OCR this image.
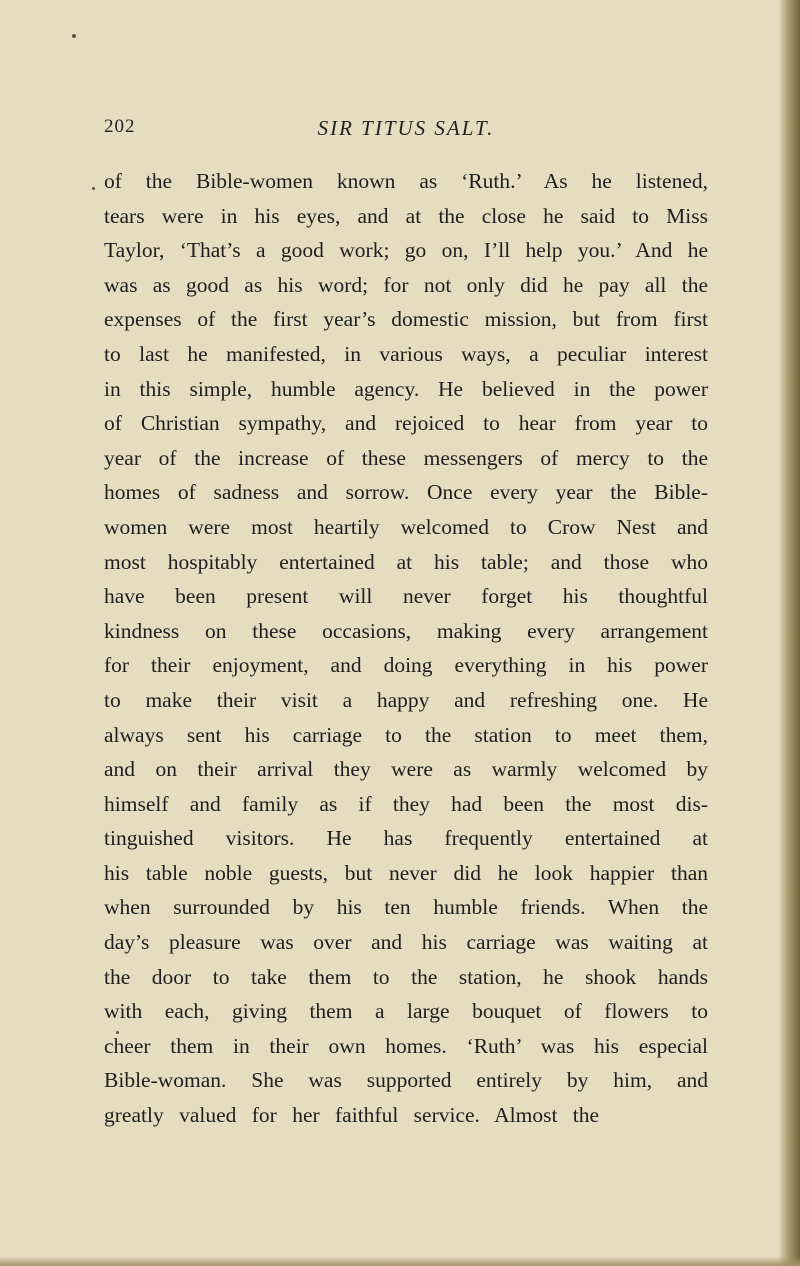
202	SIR TITUS SALT.
of the Bible-women known as ‘Ruth.’ As he listened,
tears were in his eyes, and at the close he said to Miss
Taylor, ‘That’s a good work; go on, I’ll help you.’ And he
was as good as his word; for not only did he pay all the
expenses of the first year’s domestic mission, but from first
to last he manifested, in various ways, a peculiar interest
in this simple, humble agency. He believed in the power
of Christian sympathy, and rejoiced to hear from year to
year of the increase of these messengers of mercy to the
homes of sadness and sorrow. Once every year the Bible-
women were most heartily welcomed to Crow Nest and
most hospitably entertained at his table; and those who
have been present will never forget his thoughtful
kindness on these occasions, making every arrangement
for their enjoyment, and doing everything in his power
to make their visit a happy and refreshing one. He
always sent his carriage to the station to meet them,
and on their arrival they were as warmly welcomed by
himself and family as if they had been the most dis-
tinguished visitors. He has frequently entertained at
his table noble guests, but never did he look happier than
when surrounded by his ten humble friends. When the
day’s pleasure was over and his carriage was waiting at
the door to take them to the station, he shook hands
with each, giving them a large bouquet of flowers to
cheer them in their own homes. ‘Ruth’ was his especial
Bible-woman. She was supported entirely by him, and
greatly valued for her faithful service. Almost the
